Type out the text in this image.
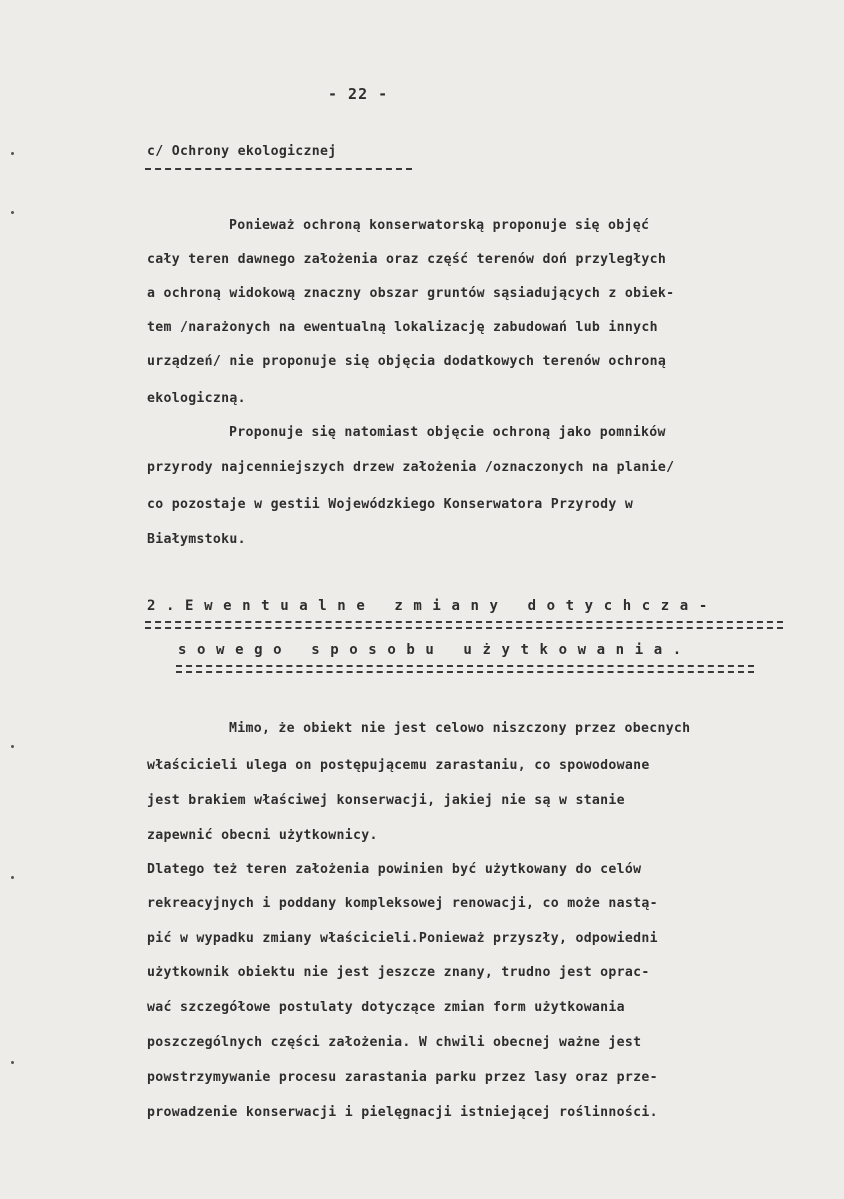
- 22 -
c/ Ochrony ekologicznej
Ponieważ ochroną konserwatorską proponuje się objęć
cały teren dawnego założenia oraz część terenów doń przyległych
a ochroną widokową znaczny obszar gruntów sąsiadujących z obiek-
tem /narażonych na ewentualną lokalizację zabudowań lub innych
urządzeń/ nie proponuje się objęcia dodatkowych terenów ochroną
ekologiczną.
Proponuje się natomiast objęcie ochroną jako pomników
przyrody najcenniejszych drzew założenia /oznaczonych na planie/
co pozostaje w gestii Wojewódzkiego Konserwatora Przyrody w
Białymstoku.
2.Ewentualne zmiany dotychcza-
sowego sposobu użytkowania.
Mimo, że obiekt nie jest celowo niszczony przez obecnych
właścicieli ulega on postępującemu zarastaniu, co spowodowane
jest brakiem właściwej konserwacji, jakiej nie są w stanie
zapewnić obecni użytkownicy.
Dlatego też teren założenia powinien być użytkowany do celów
rekreacyjnych i poddany kompleksowej renowacji, co może nastą-
pić w wypadku zmiany właścicieli.Ponieważ przyszły, odpowiedni
użytkownik obiektu nie jest jeszcze znany, trudno jest oprac-
wać szczegółowe postulaty dotyczące zmian form użytkowania
poszczególnych części założenia. W chwili obecnej ważne jest
powstrzymywanie procesu zarastania parku przez lasy oraz prze-
prowadzenie konserwacji i pielęgnacji istniejącej roślinności.
